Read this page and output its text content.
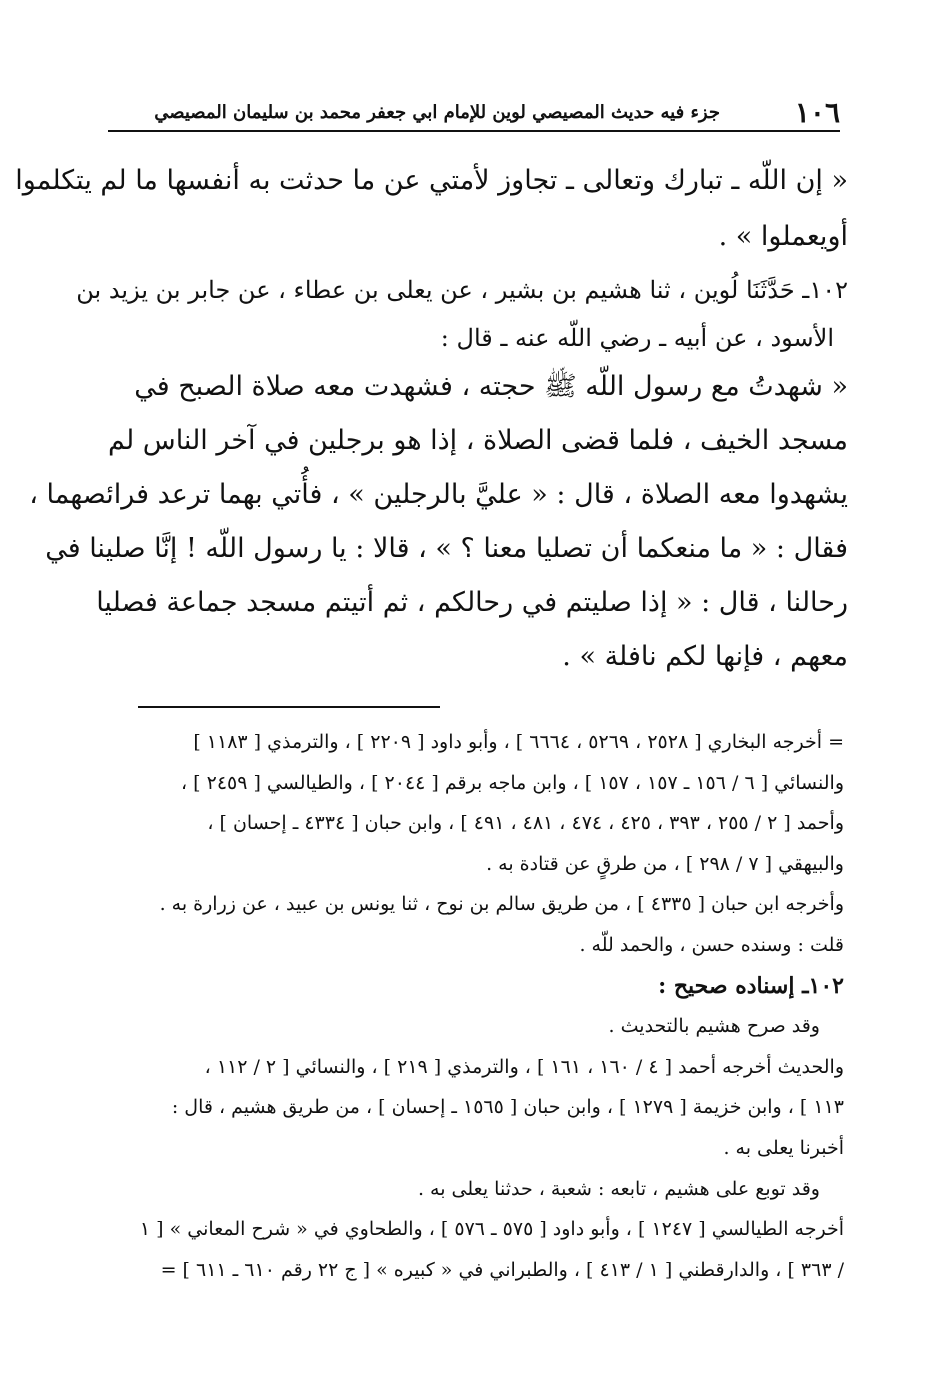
١٠٦
جزء فيه حديث المصيصي لوين للإمام ابي جعفر محمد بن سليمان المصيصي

« إن اللّه ـ تبارك وتعالى ـ تجاوز لأمتي عن ما حدثت به أنفسها ما لم يتكلموا

أويعملوا » .

١٠٢ـ حَدَّثَنَا لُوين ، ثنا هشيم بن بشير ، عن يعلى بن عطاء ، عن جابر بن يزيد بن

الأسود ، عن أبيه ـ رضي اللّه عنه ـ قال :

« شهدتُ مع رسول اللّه ﷺ حجته ، فشهدت معه صلاة الصبح في

مسجد الخيف ، فلما قضى الصلاة ، إذا هو برجلين في آخر الناس لم

يشهدوا معه الصلاة ، قال : « عليَّ بالرجلين » ، فأُتي بهما ترعد فرائصهما ،

فقال : « ما منعكما أن تصليا معنا ؟ » ، قالا : يا رسول اللّه ! إنَّا صلينا في

رحالنا ، قال : « إذا صليتم في رحالكم ، ثم أتيتم مسجد جماعة فصليا

معهم ، فإنها لكم نافلة » .

= أخرجه البخاري [ ٢٥٢٨ ، ٥٢٦٩ ، ٦٦٦٤ ] ، وأبو داود [ ٢٢٠٩ ] ، والترمذي [ ١١٨٣ ]

والنسائي [ ٦ / ١٥٦ ـ ١٥٧ ، ١٥٧ ] ، وابن ماجه برقم [ ٢٠٤٤ ] ، والطيالسي [ ٢٤٥٩ ] ،

وأحمد [ ٢ / ٢٥٥ ، ٣٩٣ ، ٤٢٥ ، ٤٧٤ ، ٤٨١ ، ٤٩١ ] ، وابن حبان [ ٤٣٣٤ ـ إحسان ] ،

والبيهقي [ ٧ / ٢٩٨ ] ، من طرقٍ عن قتادة به .

وأخرجه ابن حبان [ ٤٣٣٥ ] ، من طريق سالم بن نوح ، ثنا يونس بن عبيد ، عن زرارة به .

قلت : وسنده حسن ، والحمد للّه .

١٠٢ـ إسناده صحيح :

وقد صرح هشيم بالتحديث .

والحديث أخرجه أحمد [ ٤ / ١٦٠ ، ١٦١ ] ، والترمذي [ ٢١٩ ] ، والنسائي [ ٢ / ١١٢ ،

١١٣ ] ، وابن خزيمة [ ١٢٧٩ ] ، وابن حبان [ ١٥٦٥ ـ إحسان ] ، من طريق هشيم ، قال :

أخبرنا يعلى به .

وقد توبع على هشيم ، تابعه : شعبة ، حدثنا يعلى به .

أخرجه الطيالسي [ ١٢٤٧ ] ، وأبو داود [ ٥٧٥ ـ ٥٧٦ ] ، والطحاوي في « شرح المعاني » [ ١

/ ٣٦٣ ] ، والدارقطني [ ١ / ٤١٣ ] ، والطبراني في « كبيره » [ ج ٢٢ رقم ٦١٠ ـ ٦١١ ] =
